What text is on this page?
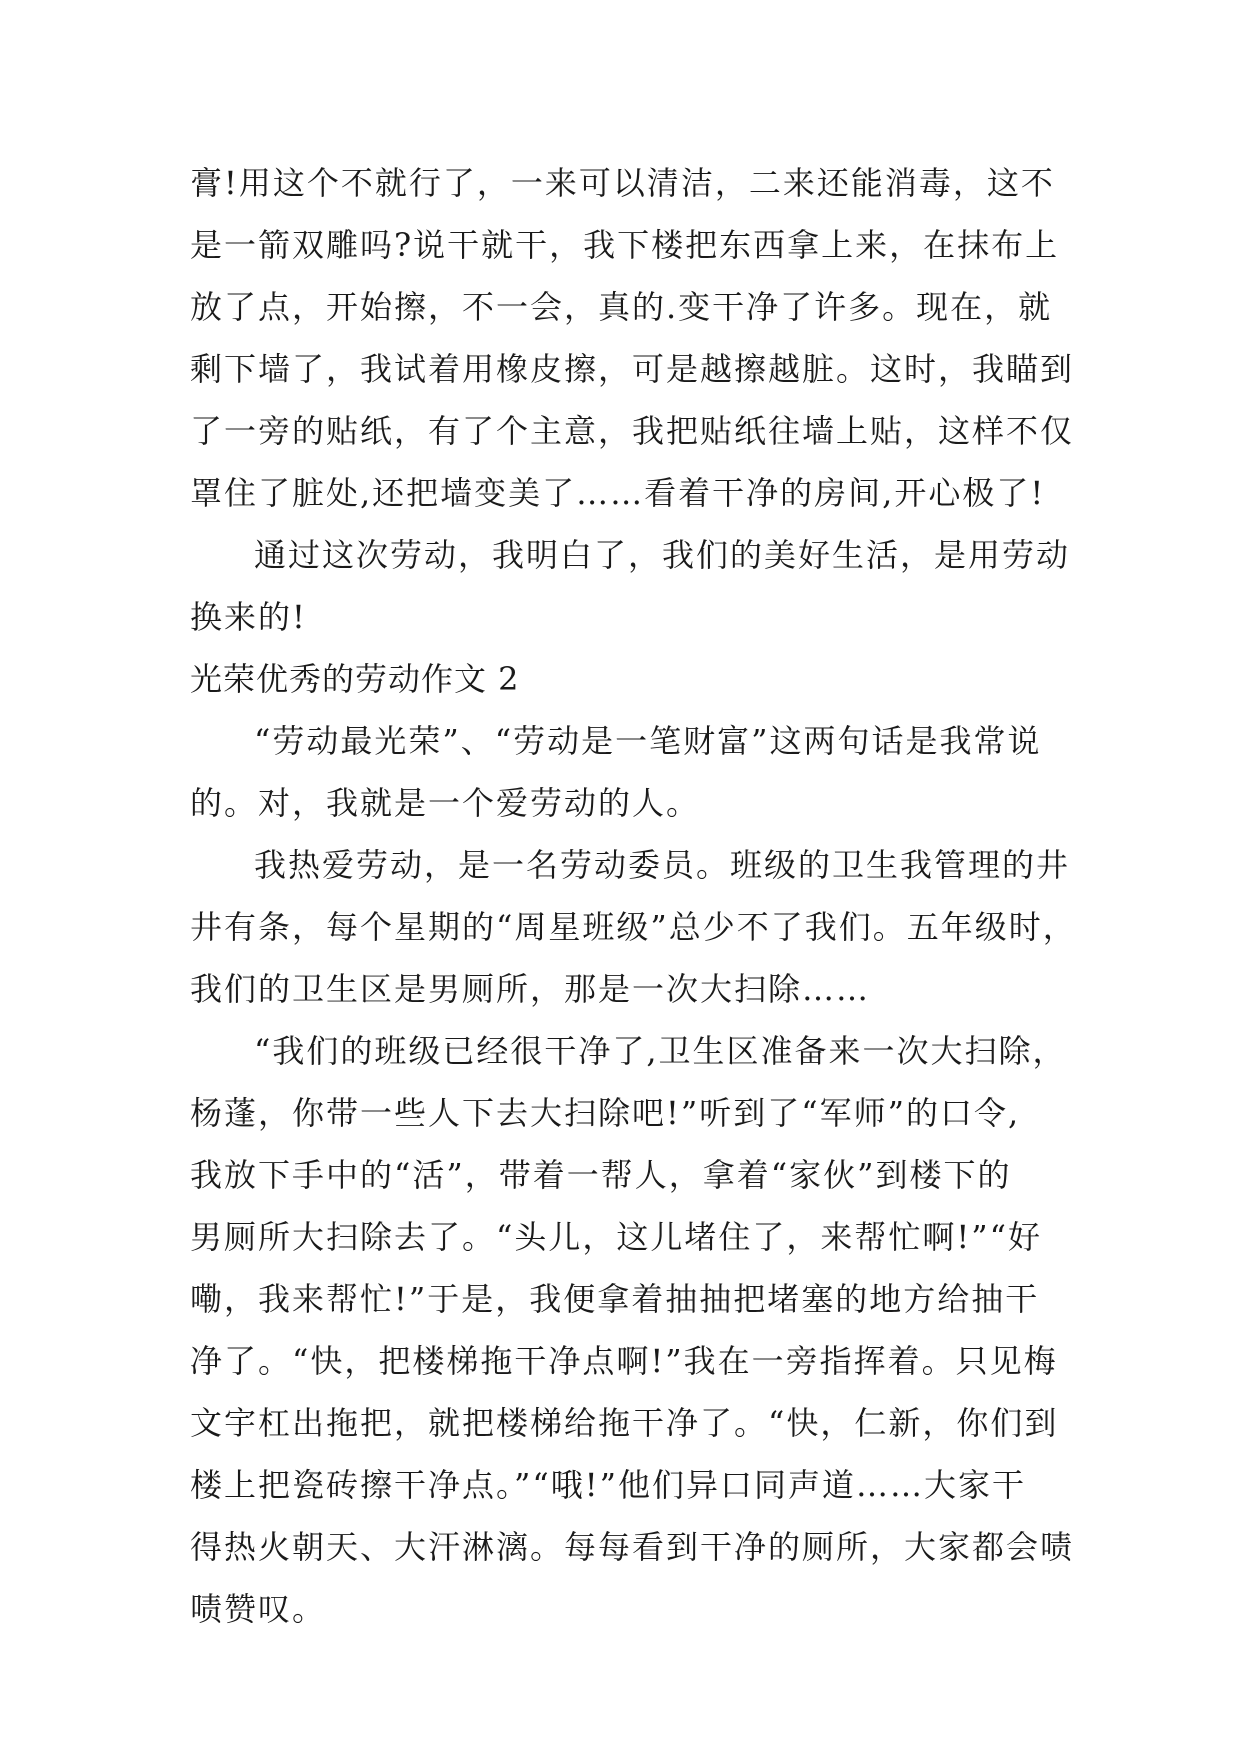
膏!用这个不就行了，一来可以清洁，二来还能消毒，这不
是一箭双雕吗?说干就干，我下楼把东西拿上来，在抹布上
放了点，开始擦，不一会，真的.变干净了许多。现在，就
剩下墙了，我试着用橡皮擦，可是越擦越脏。这时，我瞄到
了一旁的贴纸，有了个主意，我把贴纸往墙上贴，这样不仅
罩住了脏处,还把墙变美了……看着干净的房间,开心极了!
通过这次劳动，我明白了，我们的美好生活，是用劳动
换来的!
光荣优秀的劳动作文 2
“劳动最光荣”、“劳动是一笔财富”这两句话是我常说
的。对，我就是一个爱劳动的人。
我热爱劳动，是一名劳动委员。班级的卫生我管理的井
井有条，每个星期的“周星班级”总少不了我们。五年级时，
我们的卫生区是男厕所，那是一次大扫除……
“我们的班级已经很干净了,卫生区准备来一次大扫除，
杨蓬，你带一些人下去大扫除吧!”听到了“军师”的口令,
我放下手中的“活”，带着一帮人，拿着“家伙”到楼下的
男厕所大扫除去了。“头儿，这儿堵住了，来帮忙啊!”“好
嘞，我来帮忙!”于是，我便拿着抽抽把堵塞的地方给抽干
净了。“快，把楼梯拖干净点啊!”我在一旁指挥着。只见梅
文宇杠出拖把，就把楼梯给拖干净了。“快，仁新，你们到
楼上把瓷砖擦干净点。”“哦!”他们异口同声道……大家干
得热火朝天、大汗淋漓。每每看到干净的厕所，大家都会啧
啧赞叹。
